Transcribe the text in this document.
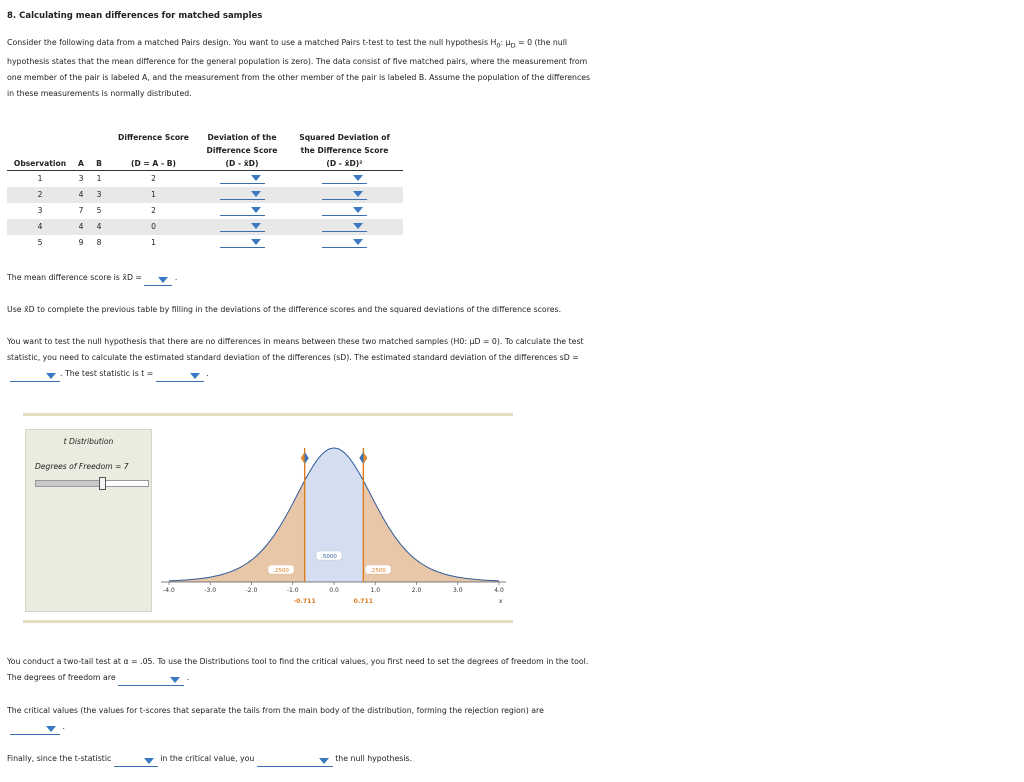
8. Calculating mean differences for matched samples
Consider the following data from a matched Pairs design. You want to use a matched Pairs t-test to test the null hypothesis $H_0$: $\mu_D = 0$ (the null
hypothesis states that the mean difference for the general population is zero). The data consist of five matched pairs, where the measurement from
one member of the pair is labeled A, and the measurement from the other member of the pair is labeled B. Assume the population of the differences
in these measurements is normally distributed.
			Difference Score	Deviation of the	Squared Deviation of
				Difference Score	the Difference Score
Observation	A	B	(D = A - B)	(D - x̄D)	(D - x̄D)²
1	3	1	2	

2	4	3	1	

3	7	5	2	

4	4	4	0	

5	9	8	1	

The mean difference score is x̄D =	.
Use x̄D to complete the previous table by filling in the deviations of the difference scores and the squared deviations of the difference scores.
You want to test the null hypothesis that there are no differences in means between these two matched samples (H0: μD = 0). To calculate the test
statistic, you need to calculate the estimated standard deviation of the differences (sD). The estimated standard deviation of the differences sD =
. The test statistic is t =	.
t Distribution
Degrees of Freedom = 7
-4.0	-3.0	-2.0	-1.0	0.0	1.0	2.0	3.0	4.0
x
.5000
.2500	.2500
-0.711	0.711
You conduct a two-tail test at α = .05. To use the Distributions tool to find the critical values, you first need to set the degrees of freedom in the tool.
The degrees of freedom are	.
The critical values (the values for t-scores that separate the tails from the main body of the distribution, forming the rejection region) are
.
Finally, since the t-statistic	in the critical value, you	the null hypothesis.
